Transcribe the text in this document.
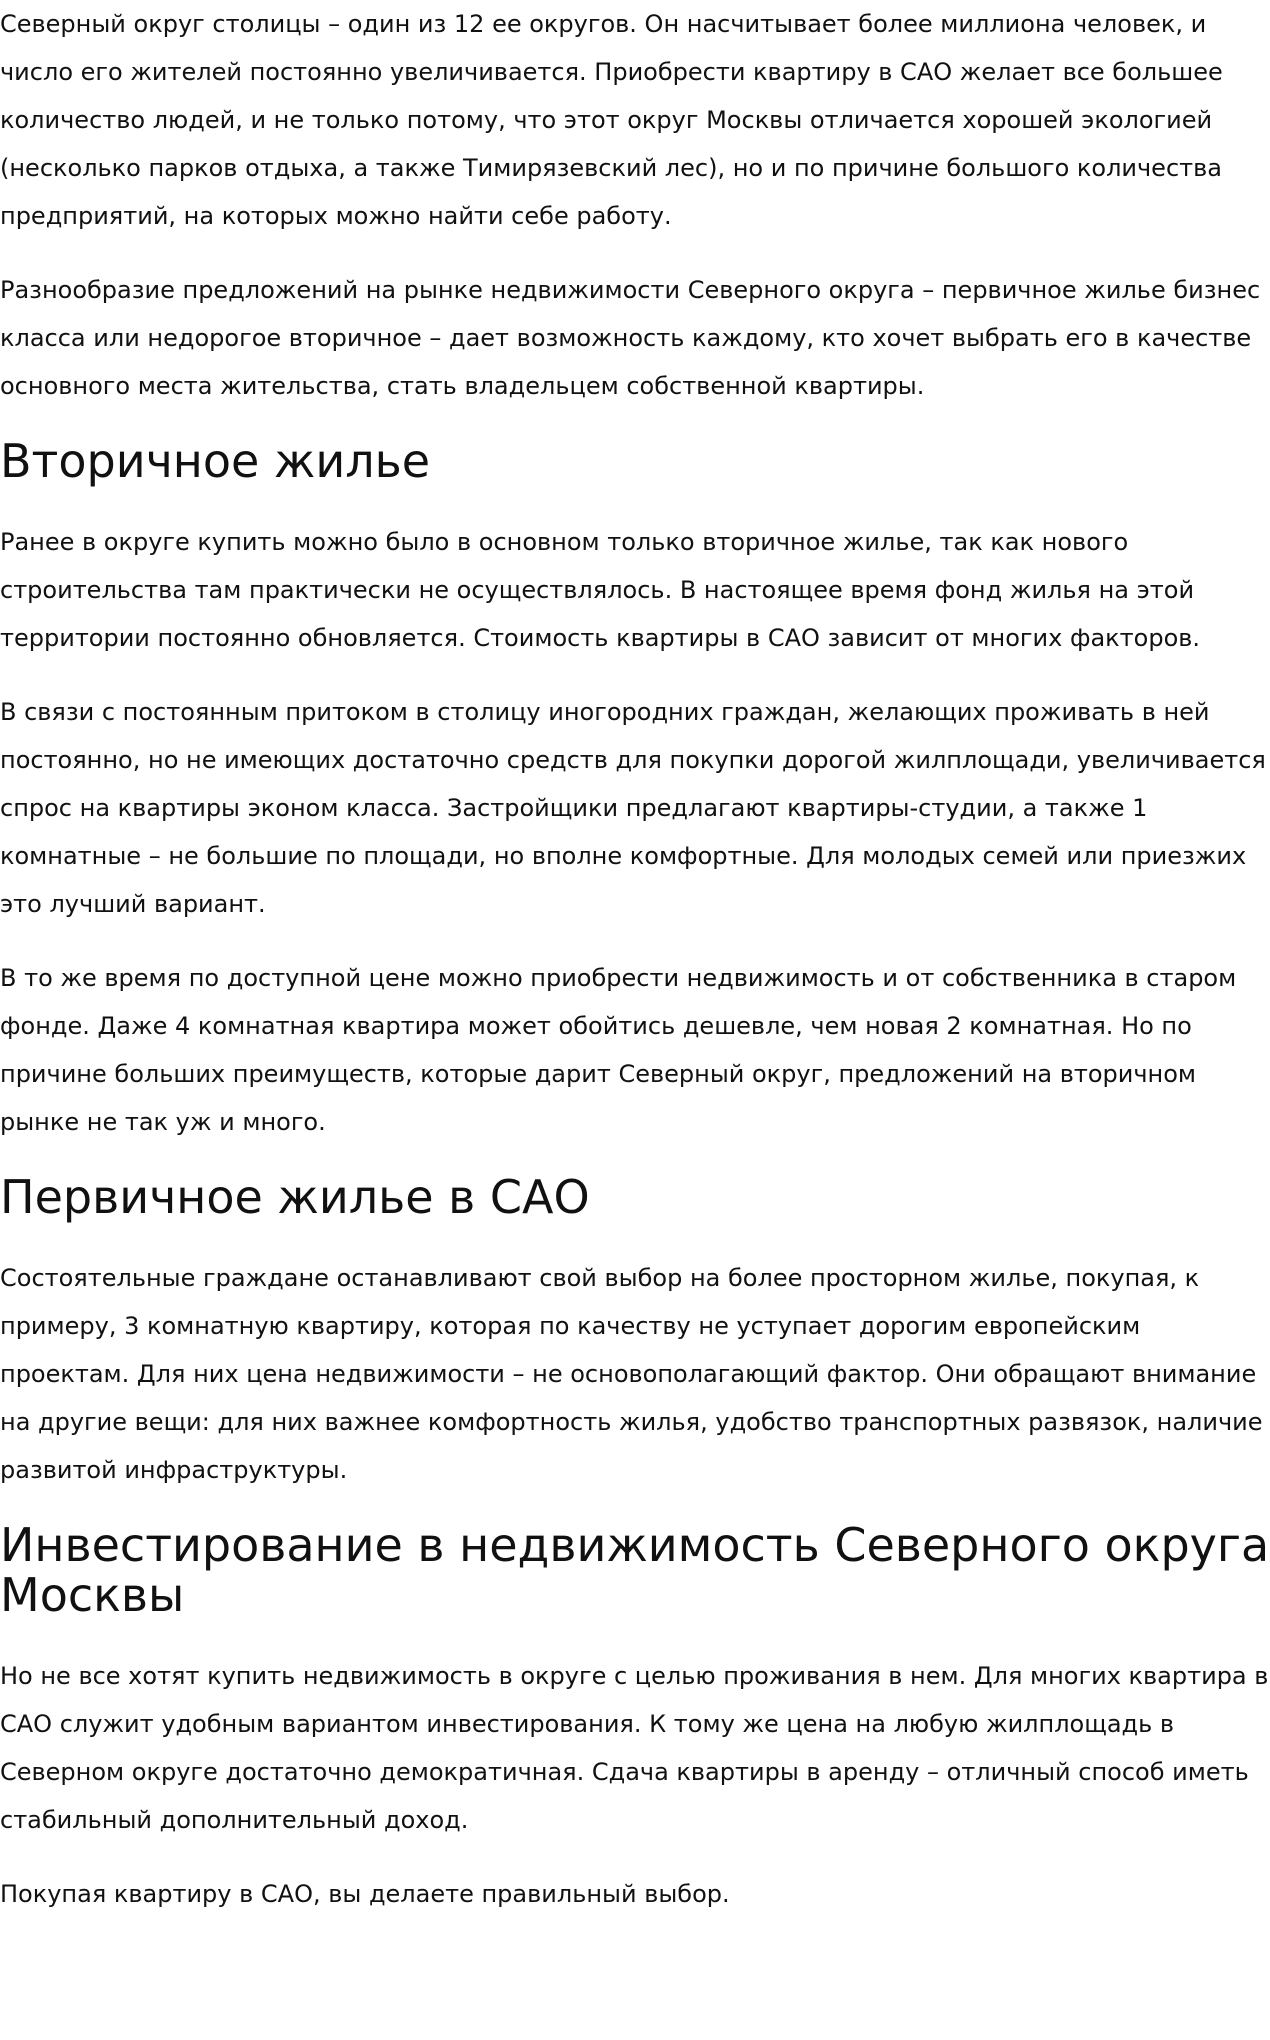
Северный округ столицы – один из 12 ее округов. Он насчитывает более миллиона человек, и число его жителей постоянно увеличивается. Приобрести квартиру в САО желает все большее количество людей, и не только потому, что этот округ Москвы отличается хорошей экологией (несколько парков отдыха, а также Тимирязевский лес), но и по причине большого количества предприятий, на которых можно найти себе работу.

Разнообразие предложений на рынке недвижимости Северного округа – первичное жилье бизнес класса или недорогое вторичное – дает возможность каждому, кто хочет выбрать его в качестве основного места жительства, стать владельцем собственной квартиры.

Вторичное жилье

Ранее в округе купить можно было в основном только вторичное жилье, так как нового строительства там практически не осуществлялось. В настоящее время фонд жилья на этой территории постоянно обновляется. Стоимость квартиры в САО зависит от многих факторов.

В связи с постоянным притоком в столицу иногородних граждан, желающих проживать в ней постоянно, но не имеющих достаточно средств для покупки дорогой жилплощади, увеличивается спрос на квартиры эконом класса. Застройщики предлагают квартиры-студии, а также 1 комнатные – не большие по площади, но вполне комфортные. Для молодых семей или приезжих это лучший вариант.

В то же время по доступной цене можно приобрести недвижимость и от собственника в старом фонде. Даже 4 комнатная квартира может обойтись дешевле, чем новая 2 комнатная. Но по причине больших преимуществ, которые дарит Северный округ, предложений на вторичном рынке не так уж и много.

Первичное жилье в САО

Состоятельные граждане останавливают свой выбор на более просторном жилье, покупая, к примеру, 3 комнатную квартиру, которая по качеству не уступает дорогим европейским проектам. Для них цена недвижимости – не основополагающий фактор. Они обращают внимание на другие вещи: для них важнее комфортность жилья, удобство транспортных развязок, наличие развитой инфраструктуры.

Инвестирование в недвижимость Северного округа Москвы

Но не все хотят купить недвижимость в округе с целью проживания в нем. Для многих квартира в САО служит удобным вариантом инвестирования. К тому же цена на любую жилплощадь в Северном округе достаточно демократичная. Сдача квартиры в аренду – отличный способ иметь стабильный дополнительный доход.

Покупая квартиру в САО, вы делаете правильный выбор.
